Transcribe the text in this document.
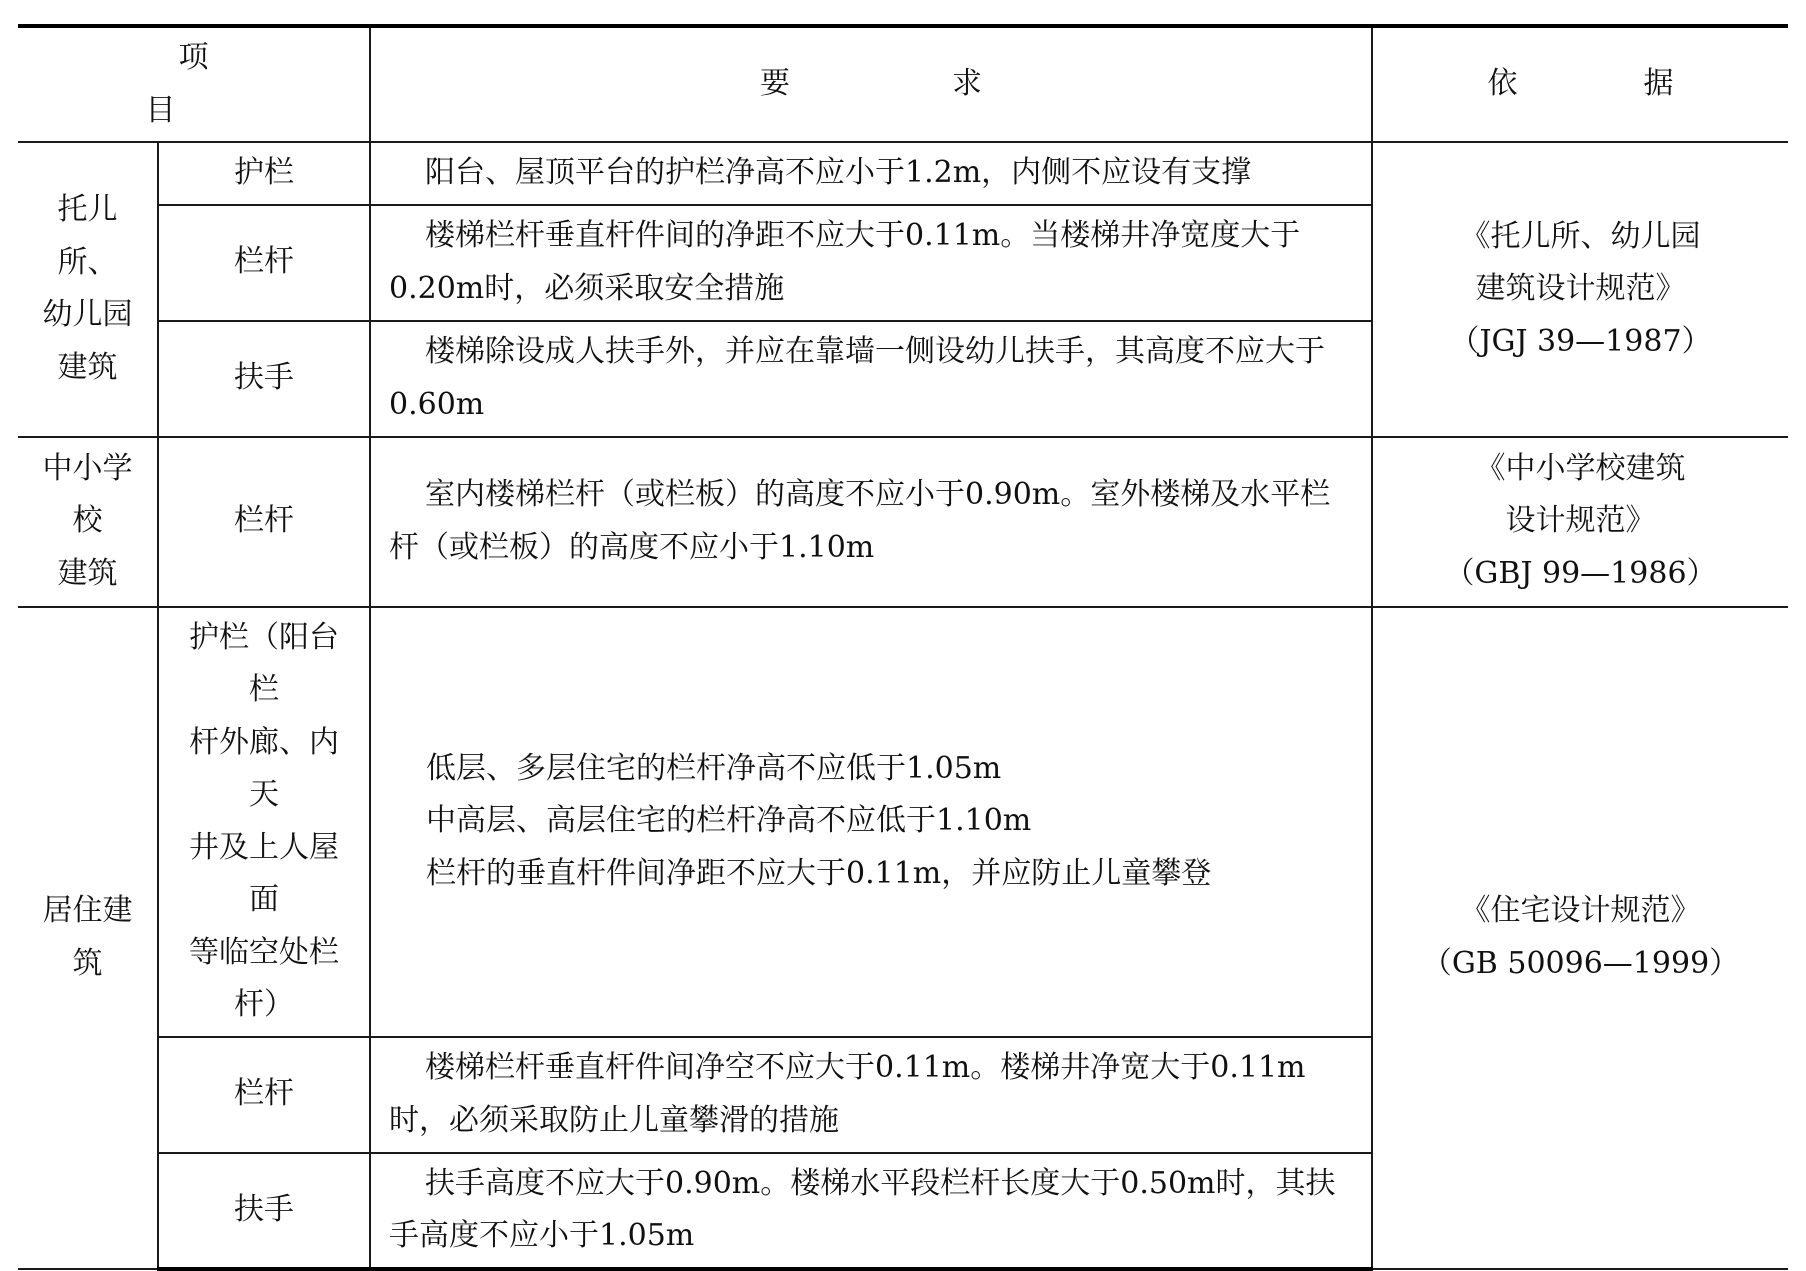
项　目		要　求	依　据

托儿所、
幼儿园
建筑	护栏	阳台、屋顶平台的护栏净高不应小于1.2m，内侧不应设有支撑	《托儿所、幼儿园
建筑设计规范》
（JGJ 39—1987）

	栏杆	楼梯栏杆垂直杆件间的净距不应大于0.11m。当楼梯井净宽度大于0.20m时，必须采取安全措施	

	扶手	楼梯除设成人扶手外，并应在靠墙一侧设幼儿扶手，其高度不应大于0.60m	

中小学校
建筑	栏杆	室内楼梯栏杆（或栏板）的高度不应小于0.90m。室外楼梯及水平栏杆（或栏板）的高度不应小于1.10m	《中小学校建筑
设计规范》
（GBJ 99—1986）

居住建筑	护栏（阳台栏
杆外廊、内天
井及上人屋面
等临空处栏杆）	低层、多层住宅的栏杆净高不应低于1.05m
中高层、高层住宅的栏杆净高不应低于1.10m
栏杆的垂直杆件间净距不应大于0.11m，并应防止儿童攀登	《住宅设计规范》
（GB 50096—1999）

	栏杆	楼梯栏杆垂直杆件间净空不应大于0.11m。楼梯井净宽大于0.11m时，必须采取防止儿童攀滑的措施	

	扶手	扶手高度不应大于0.90m。楼梯水平段栏杆长度大于0.50m时，其扶手高度不应小于1.05m	
